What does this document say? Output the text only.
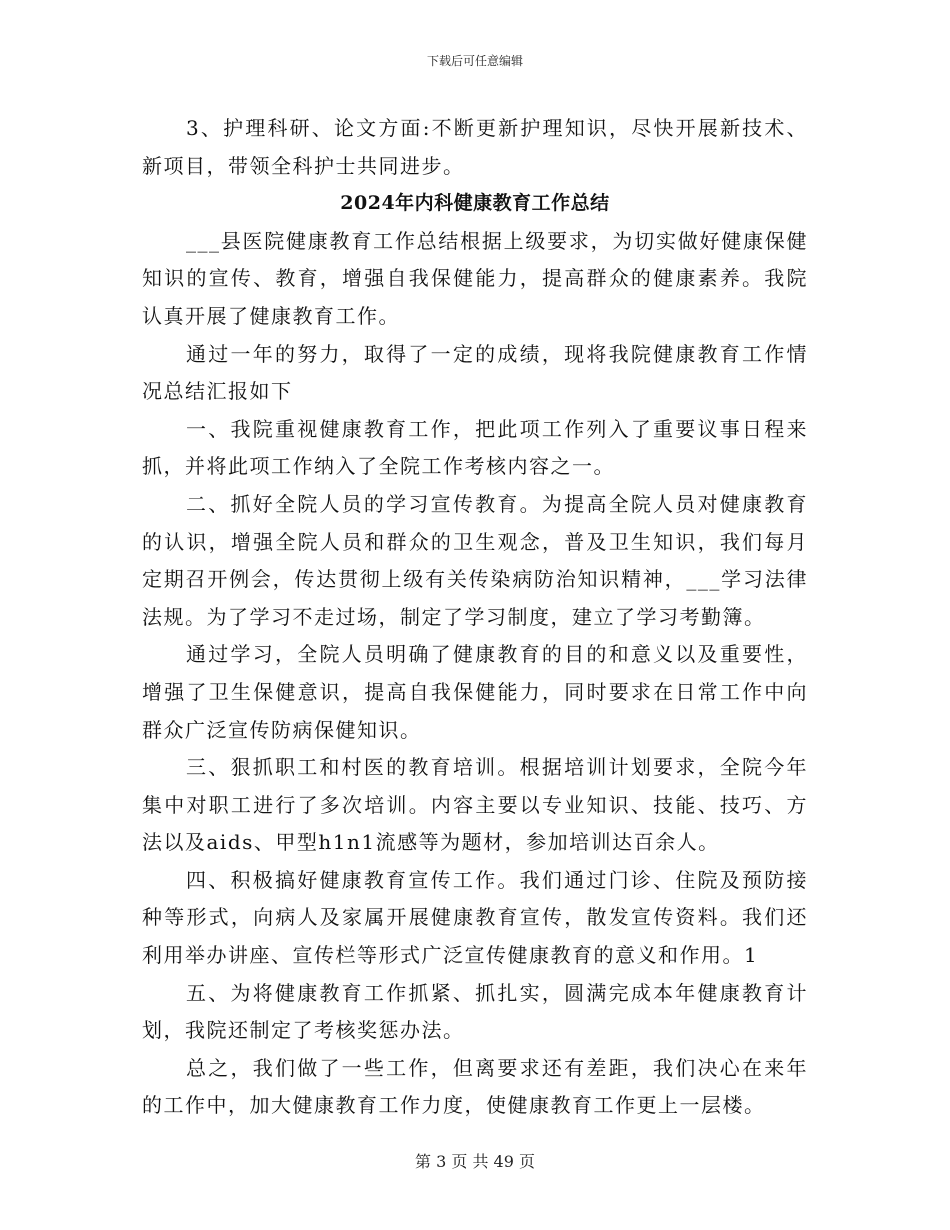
下载后可任意编辑

3、护理科研、论文方面:不断更新护理知识，尽快开展新技术、新项目，带领全科护士共同进步。

2024年内科健康教育工作总结

___县医院健康教育工作总结根据上级要求，为切实做好健康保健知识的宣传、教育，增强自我保健能力，提高群众的健康素养。我院认真开展了健康教育工作。

通过一年的努力，取得了一定的成绩，现将我院健康教育工作情况总结汇报如下

一、我院重视健康教育工作，把此项工作列入了重要议事日程来抓，并将此项工作纳入了全院工作考核内容之一。

二、抓好全院人员的学习宣传教育。为提高全院人员对健康教育的认识，增强全院人员和群众的卫生观念，普及卫生知识，我们每月定期召开例会，传达贯彻上级有关传染病防治知识精神，___学习法律法规。为了学习不走过场，制定了学习制度，建立了学习考勤簿。

通过学习，全院人员明确了健康教育的目的和意义以及重要性，增强了卫生保健意识，提高自我保健能力，同时要求在日常工作中向群众广泛宣传防病保健知识。

三、狠抓职工和村医的教育培训。根据培训计划要求，全院今年集中对职工进行了多次培训。内容主要以专业知识、技能、技巧、方法以及aids、甲型h1n1流感等为题材，参加培训达百余人。

四、积极搞好健康教育宣传工作。我们通过门诊、住院及预防接种等形式，向病人及家属开展健康教育宣传，散发宣传资料。我们还利用举办讲座、宣传栏等形式广泛宣传健康教育的意义和作用。1

五、为将健康教育工作抓紧、抓扎实，圆满完成本年健康教育计划，我院还制定了考核奖惩办法。

总之，我们做了一些工作，但离要求还有差距，我们决心在来年的工作中，加大健康教育工作力度，使健康教育工作更上一层楼。

第 3 页 共 49 页
